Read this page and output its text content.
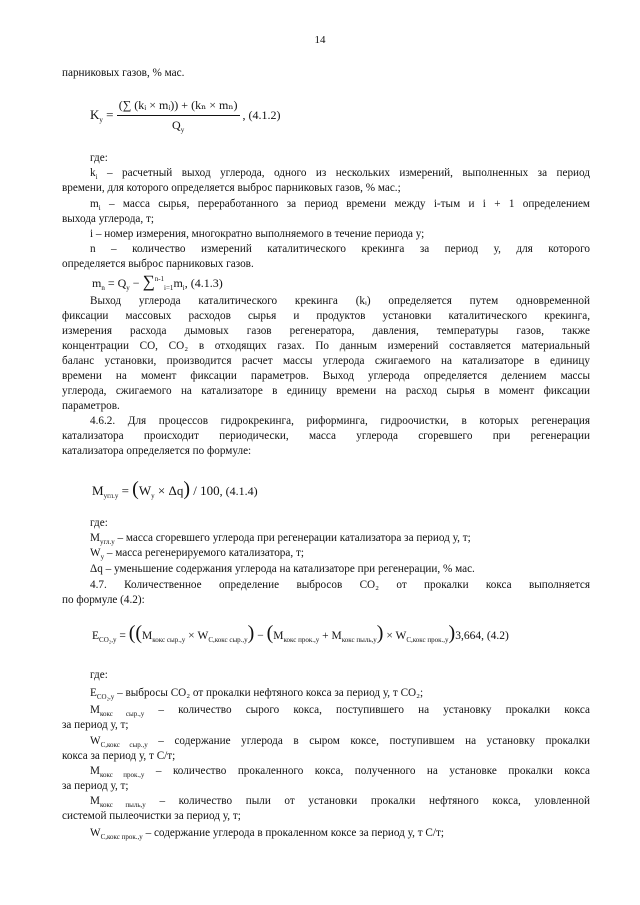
14
парниковых газов, % мас.
$K_y = \frac{\text{(∑ (kᵢ × mᵢ)) + (kₙ × mₙ)}}{Q_y}$ , (4.1.2)
где:
$k_i$ – расчетный выход углерода, одного из нескольких измерений, выполненных за период
времени, для которого определяется выброс парниковых газов, % мас.;
$m_i$ – масса сырья, переработанного за период времени между i-тым и i + 1 определением
выхода углерода, т;
i – номер измерения, многократно выполняемого в течение периода у;
n – количество измерений каталитического крекинга за период у, для которого
определяется выброс парниковых газов.
$m_n = Q_y - \sum^{n-1}_{i=1}m_i$, (4.1.3)
Выход углерода каталитического крекинга (kᵢ) определяется путем одновременной
фиксации массовых расходов сырья и продуктов установки каталитического крекинга,
измерения расхода дымовых газов регенератора, давления, температуры газов, также
концентрации СО, СО₂ в отходящих газах. По данным измерений составляется материальный
баланс установки, производится расчет массы углерода сжигаемого на катализаторе в единицу
времени на момент фиксации параметров. Выход углерода определяется делением массы
углерода, сжигаемого на катализаторе в единицу времени на расход сырья в момент фиксации
параметров.
4.6.2. Для процессов гидрокрекинга, риформинга, гидроочистки, в которых регенерация
катализатора происходит периодически, масса углерода сгоревшего при регенерации
катализатора определяется по формуле:
$M_{угл.у} = (W_y \times \Delta q) / 100$, (4.1.4)
где:
$M_{угл.у}$ – масса сгоревшего углерода при регенерации катализатора за период у, т;
$W_y$ – масса регенерируемого катализатора, т;
Δq – уменьшение содержания углерода на катализаторе при регенерации, % мас.
4.7. Количественное определение выбросов СО₂ от прокалки кокса выполняется
по формуле (4.2):
$E_{CO_2,y} = ((M_{кокс сыр.,у} \times W_{C,кокс сыр.,у}) - (M_{кокс прок.,у} + M_{кокс пыль,у}) \times W_{C,кокс прок.,у})3,664$, (4.2)
где:
$E_{CO_2,y}$ – выбросы СО₂ от прокалки нефтяного кокса за период у, т СО₂;
$M_{кокс сыр.,у}$ – количество сырого кокса, поступившего на установку прокалки кокса
за период у, т;
$W_{C,кокс сыр.,у}$ – содержание углерода в сыром коксе, поступившем на установку прокалки
кокса за период у, т С/т;
$M_{кокс прок.,у}$ – количество прокаленного кокса, полученного на установке прокалки кокса
за период у, т;
$M_{кокс пыль,у}$ – количество пыли от установки прокалки нефтяного кокса, уловленной
системой пылеочистки за период у, т;
$W_{C,кокс прок.,у}$ – содержание углерода в прокаленном коксе за период у, т С/т;
